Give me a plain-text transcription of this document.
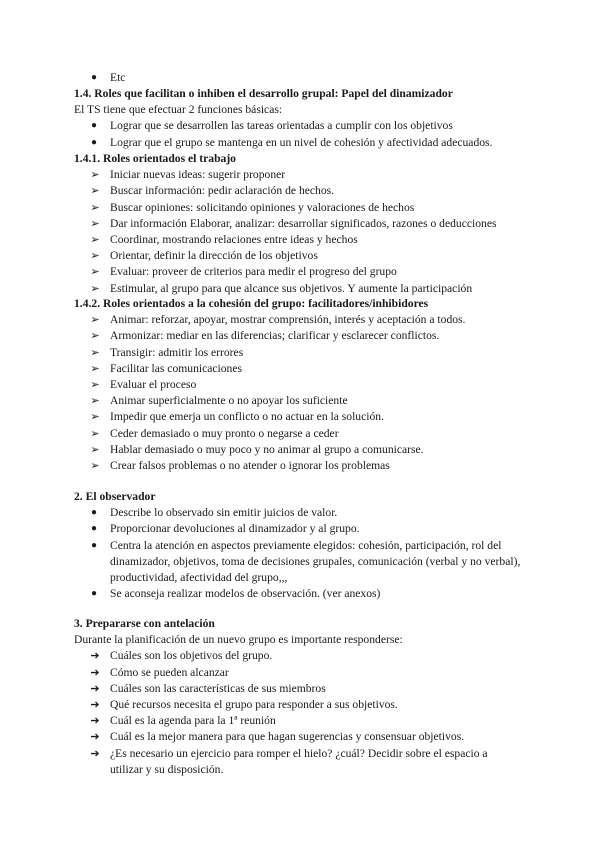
●	Etc
1.4. Roles que facilitan o inhiben el desarrollo grupal: Papel del dinamizador
El TS tiene que efectuar 2 funciones básicas:
●	Lograr que se desarrollen las tareas orientadas a cumplir con los objetivos
●	Lograr que el grupo se mantenga en un nivel de cohesión y afectividad adecuados.
1.4.1. Roles orientados el trabajo
➢ Iniciar nuevas ideas: sugerir proponer
➢ Buscar información: pedir aclaración de hechos.
➢ Buscar opiniones: solicitando opiniones y valoraciones de hechos
➢ Dar información Elaborar, analizar: desarrollar significados, razones o deducciones
➢ Coordinar, mostrando relaciones entre ideas y hechos
➢ Orientar, definir la dirección de los objetivos
➢ Evaluar: proveer de criterios para medir el progreso del grupo
➢ Estimular, al grupo para que alcance sus objetivos. Y aumente la participación
1.4.2. Roles orientados a la cohesión del grupo: facilitadores/inhibidores
➢ Animar: reforzar, apoyar, mostrar comprensión, interés y aceptación a todos.
➢ Armonizar: mediar en las diferencias; clarificar y esclarecer conflictos.
➢ Transigir: admitir los errores
➢ Facilitar las comunicaciones
➢ Evaluar el proceso
➢ Animar superficialmente o no apoyar los suficiente
➢ Impedir que emerja un conflicto o no actuar en la solución.
➢ Ceder demasiado o muy pronto o negarse a ceder
➢ Hablar demasiado o muy poco y no animar al grupo a comunicarse.
➢ Crear falsos problemas o no atender o ignorar los problemas
2. El observador
●	Describe lo observado sin emitir juicios de valor.
●	Proporcionar devoluciones al dinamizador y al grupo.
●	Centra la atención en aspectos previamente elegidos: cohesión, participación, rol del dinamizador, objetivos, toma de decisiones grupales, comunicación (verbal y no verbal), productividad, afectividad del grupo,,,
●	Se aconseja realizar modelos de observación. (ver anexos)
3. Prepararse con antelación
Durante la planificación de un nuevo grupo es importante responderse:
➔ Cuáles son los objetivos del grupo.
➔ Cómo se pueden alcanzar
➔ Cuáles son las características de sus miembros
➔ Qué recursos necesita el grupo para responder a sus objetivos.
➔ Cuál es la agenda para la 1ª reunión
➔ Cuál es la mejor manera para que hagan sugerencias y consensuar objetivos.
➔ ¿Es necesario un ejercicio para romper el hielo? ¿cuál? Decidir sobre el espacio a utilizar y su disposición.
